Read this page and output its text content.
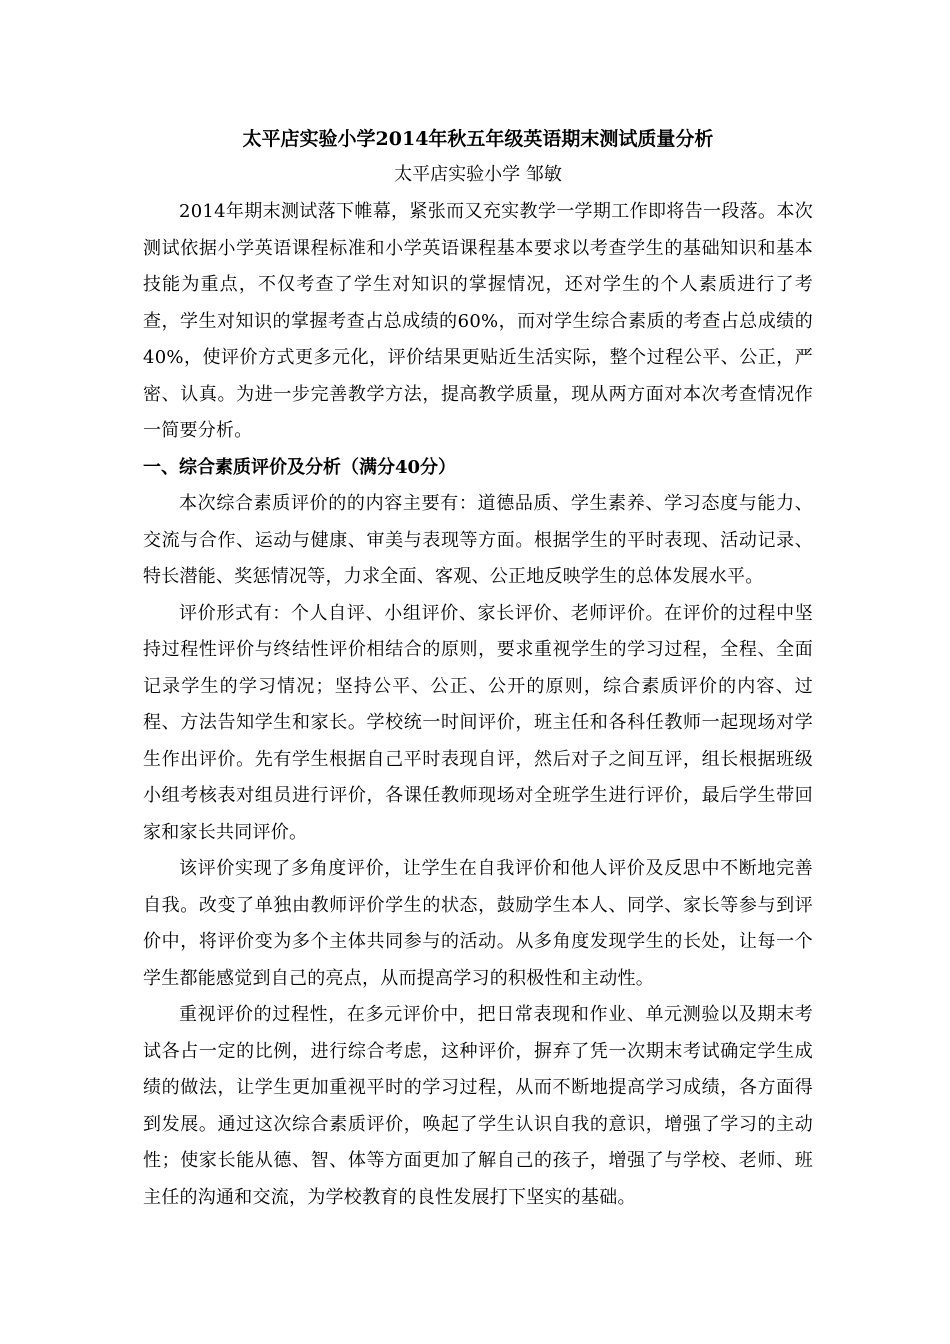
太平店实验小学2014年秋五年级英语期末测试质量分析

太平店实验小学 邹敏

2014年期末测试落下帷幕，紧张而又充实教学一学期工作即将告一段落。本次测试依据小学英语课程标准和小学英语课程基本要求以考查学生的基础知识和基本技能为重点，不仅考查了学生对知识的掌握情况，还对学生的个人素质进行了考查，学生对知识的掌握考查占总成绩的60%，而对学生综合素质的考查占总成绩的40%，使评价方式更多元化，评价结果更贴近生活实际，整个过程公平、公正，严密、认真。为进一步完善教学方法，提高教学质量，现从两方面对本次考查情况作一简要分析。

一、综合素质评价及分析（满分40分）

本次综合素质评价的的内容主要有：道德品质、学生素养、学习态度与能力、交流与合作、运动与健康、审美与表现等方面。根据学生的平时表现、活动记录、特长潜能、奖惩情况等，力求全面、客观、公正地反映学生的总体发展水平。

评价形式有：个人自评、小组评价、家长评价、老师评价。在评价的过程中坚持过程性评价与终结性评价相结合的原则，要求重视学生的学习过程，全程、全面记录学生的学习情况；坚持公平、公正、公开的原则，综合素质评价的内容、过程、方法告知学生和家长。学校统一时间评价，班主任和各科任教师一起现场对学生作出评价。先有学生根据自己平时表现自评，然后对子之间互评，组长根据班级小组考核表对组员进行评价，各课任教师现场对全班学生进行评价，最后学生带回家和家长共同评价。

该评价实现了多角度评价，让学生在自我评价和他人评价及反思中不断地完善自我。改变了单独由教师评价学生的状态，鼓励学生本人、同学、家长等参与到评价中，将评价变为多个主体共同参与的活动。从多角度发现学生的长处，让每一个学生都能感觉到自己的亮点，从而提高学习的积极性和主动性。

重视评价的过程性，在多元评价中，把日常表现和作业、单元测验以及期末考试各占一定的比例，进行综合考虑，这种评价，摒弃了凭一次期末考试确定学生成绩的做法，让学生更加重视平时的学习过程，从而不断地提高学习成绩，各方面得到发展。通过这次综合素质评价，唤起了学生认识自我的意识，增强了学习的主动性；使家长能从德、智、体等方面更加了解自己的孩子，增强了与学校、老师、班主任的沟通和交流，为学校教育的良性发展打下坚实的基础。
